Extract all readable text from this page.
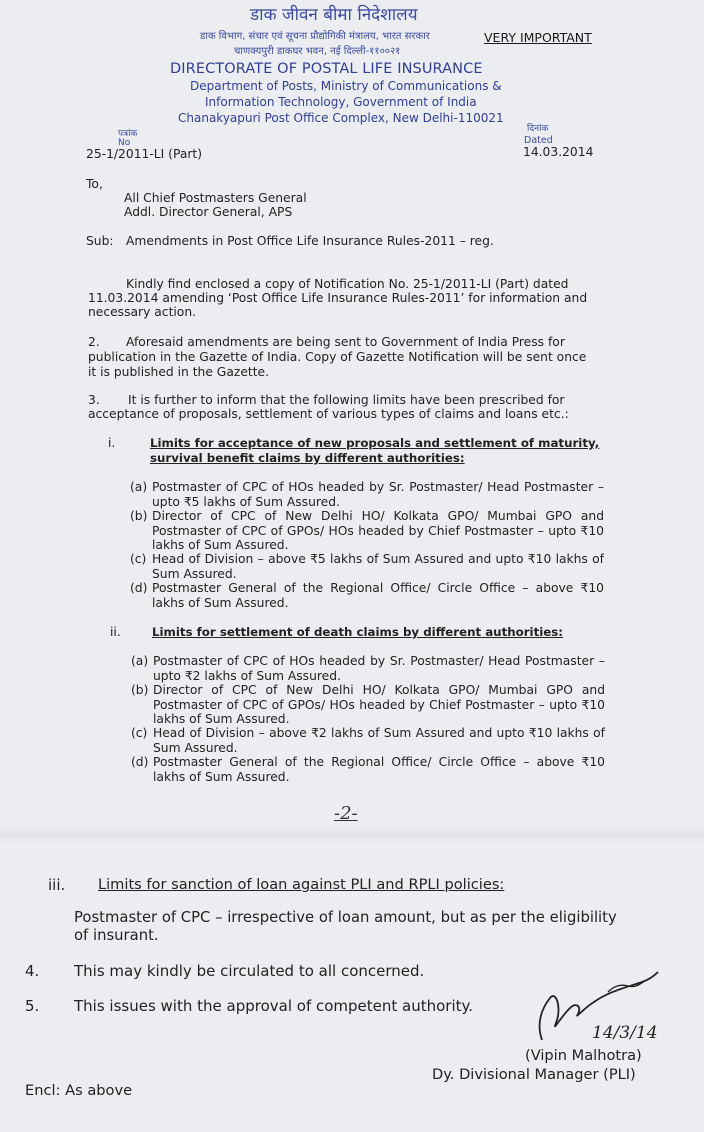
डाक जीवन बीमा निदेशालय
डाक विभाग, संचार एवं सूचना प्रौद्योगिकी मंत्रालय, भारत सरकार
चाणक्यपुरी डाकघर भवन, नई दिल्ली-११००२१
VERY IMPORTANT
DIRECTORATE OF POSTAL LIFE INSURANCE
Department of Posts, Ministry of Communications &
Information Technology, Government of India
Chanakyapuri Post Office Complex, New Delhi-110021
पत्रांक
No
25-1/2011-LI (Part)
दिनांक
Dated
14.03.2014
To,
All Chief Postmasters General
Addl. Director General, APS
Sub: Amendments in Post Office Life Insurance Rules-2011 – reg.
Kindly find enclosed a copy of Notification No. 25-1/2011-LI (Part) dated
11.03.2014 amending ‘Post Office Life Insurance Rules-2011’ for information and
necessary action.
2. Aforesaid amendments are being sent to Government of India Press for
publication in the Gazette of India. Copy of Gazette Notification will be sent once
it is published in the Gazette.
3. It is further to inform that the following limits have been prescribed for
acceptance of proposals, settlement of various types of claims and loans etc.:
i.	Limits for acceptance of new proposals and settlement of maturity,
survival benefit claims by different authorities:
(a) Postmaster of CPC of HOs headed by Sr. Postmaster/ Head Postmaster – upto ₹5 lakhs of Sum Assured.
(b) Director of CPC of New Delhi HO/ Kolkata GPO/ Mumbai GPO and Postmaster of CPC of GPOs/ HOs headed by Chief Postmaster – upto ₹10 lakhs of Sum Assured.
(c) Head of Division – above ₹5 lakhs of Sum Assured and upto ₹10 lakhs of Sum Assured.
(d) Postmaster General of the Regional Office/ Circle Office – above ₹10 lakhs of Sum Assured.
ii.	Limits for settlement of death claims by different authorities:
(a) Postmaster of CPC of HOs headed by Sr. Postmaster/ Head Postmaster – upto ₹2 lakhs of Sum Assured.
(b) Director of CPC of New Delhi HO/ Kolkata GPO/ Mumbai GPO and Postmaster of CPC of GPOs/ HOs headed by Chief Postmaster – upto ₹10 lakhs of Sum Assured.
(c) Head of Division – above ₹2 lakhs of Sum Assured and upto ₹10 lakhs of Sum Assured.
(d) Postmaster General of the Regional Office/ Circle Office – above ₹10 lakhs of Sum Assured.
-2-
iii. Limits for sanction of loan against PLI and RPLI policies:
Postmaster of CPC – irrespective of loan amount, but as per the eligibility
of insurant.
4. This may kindly be circulated to all concerned.
5. This issues with the approval of competent authority.
14/3/14
(Vipin Malhotra)
Dy. Divisional Manager (PLI)
Encl: As above
